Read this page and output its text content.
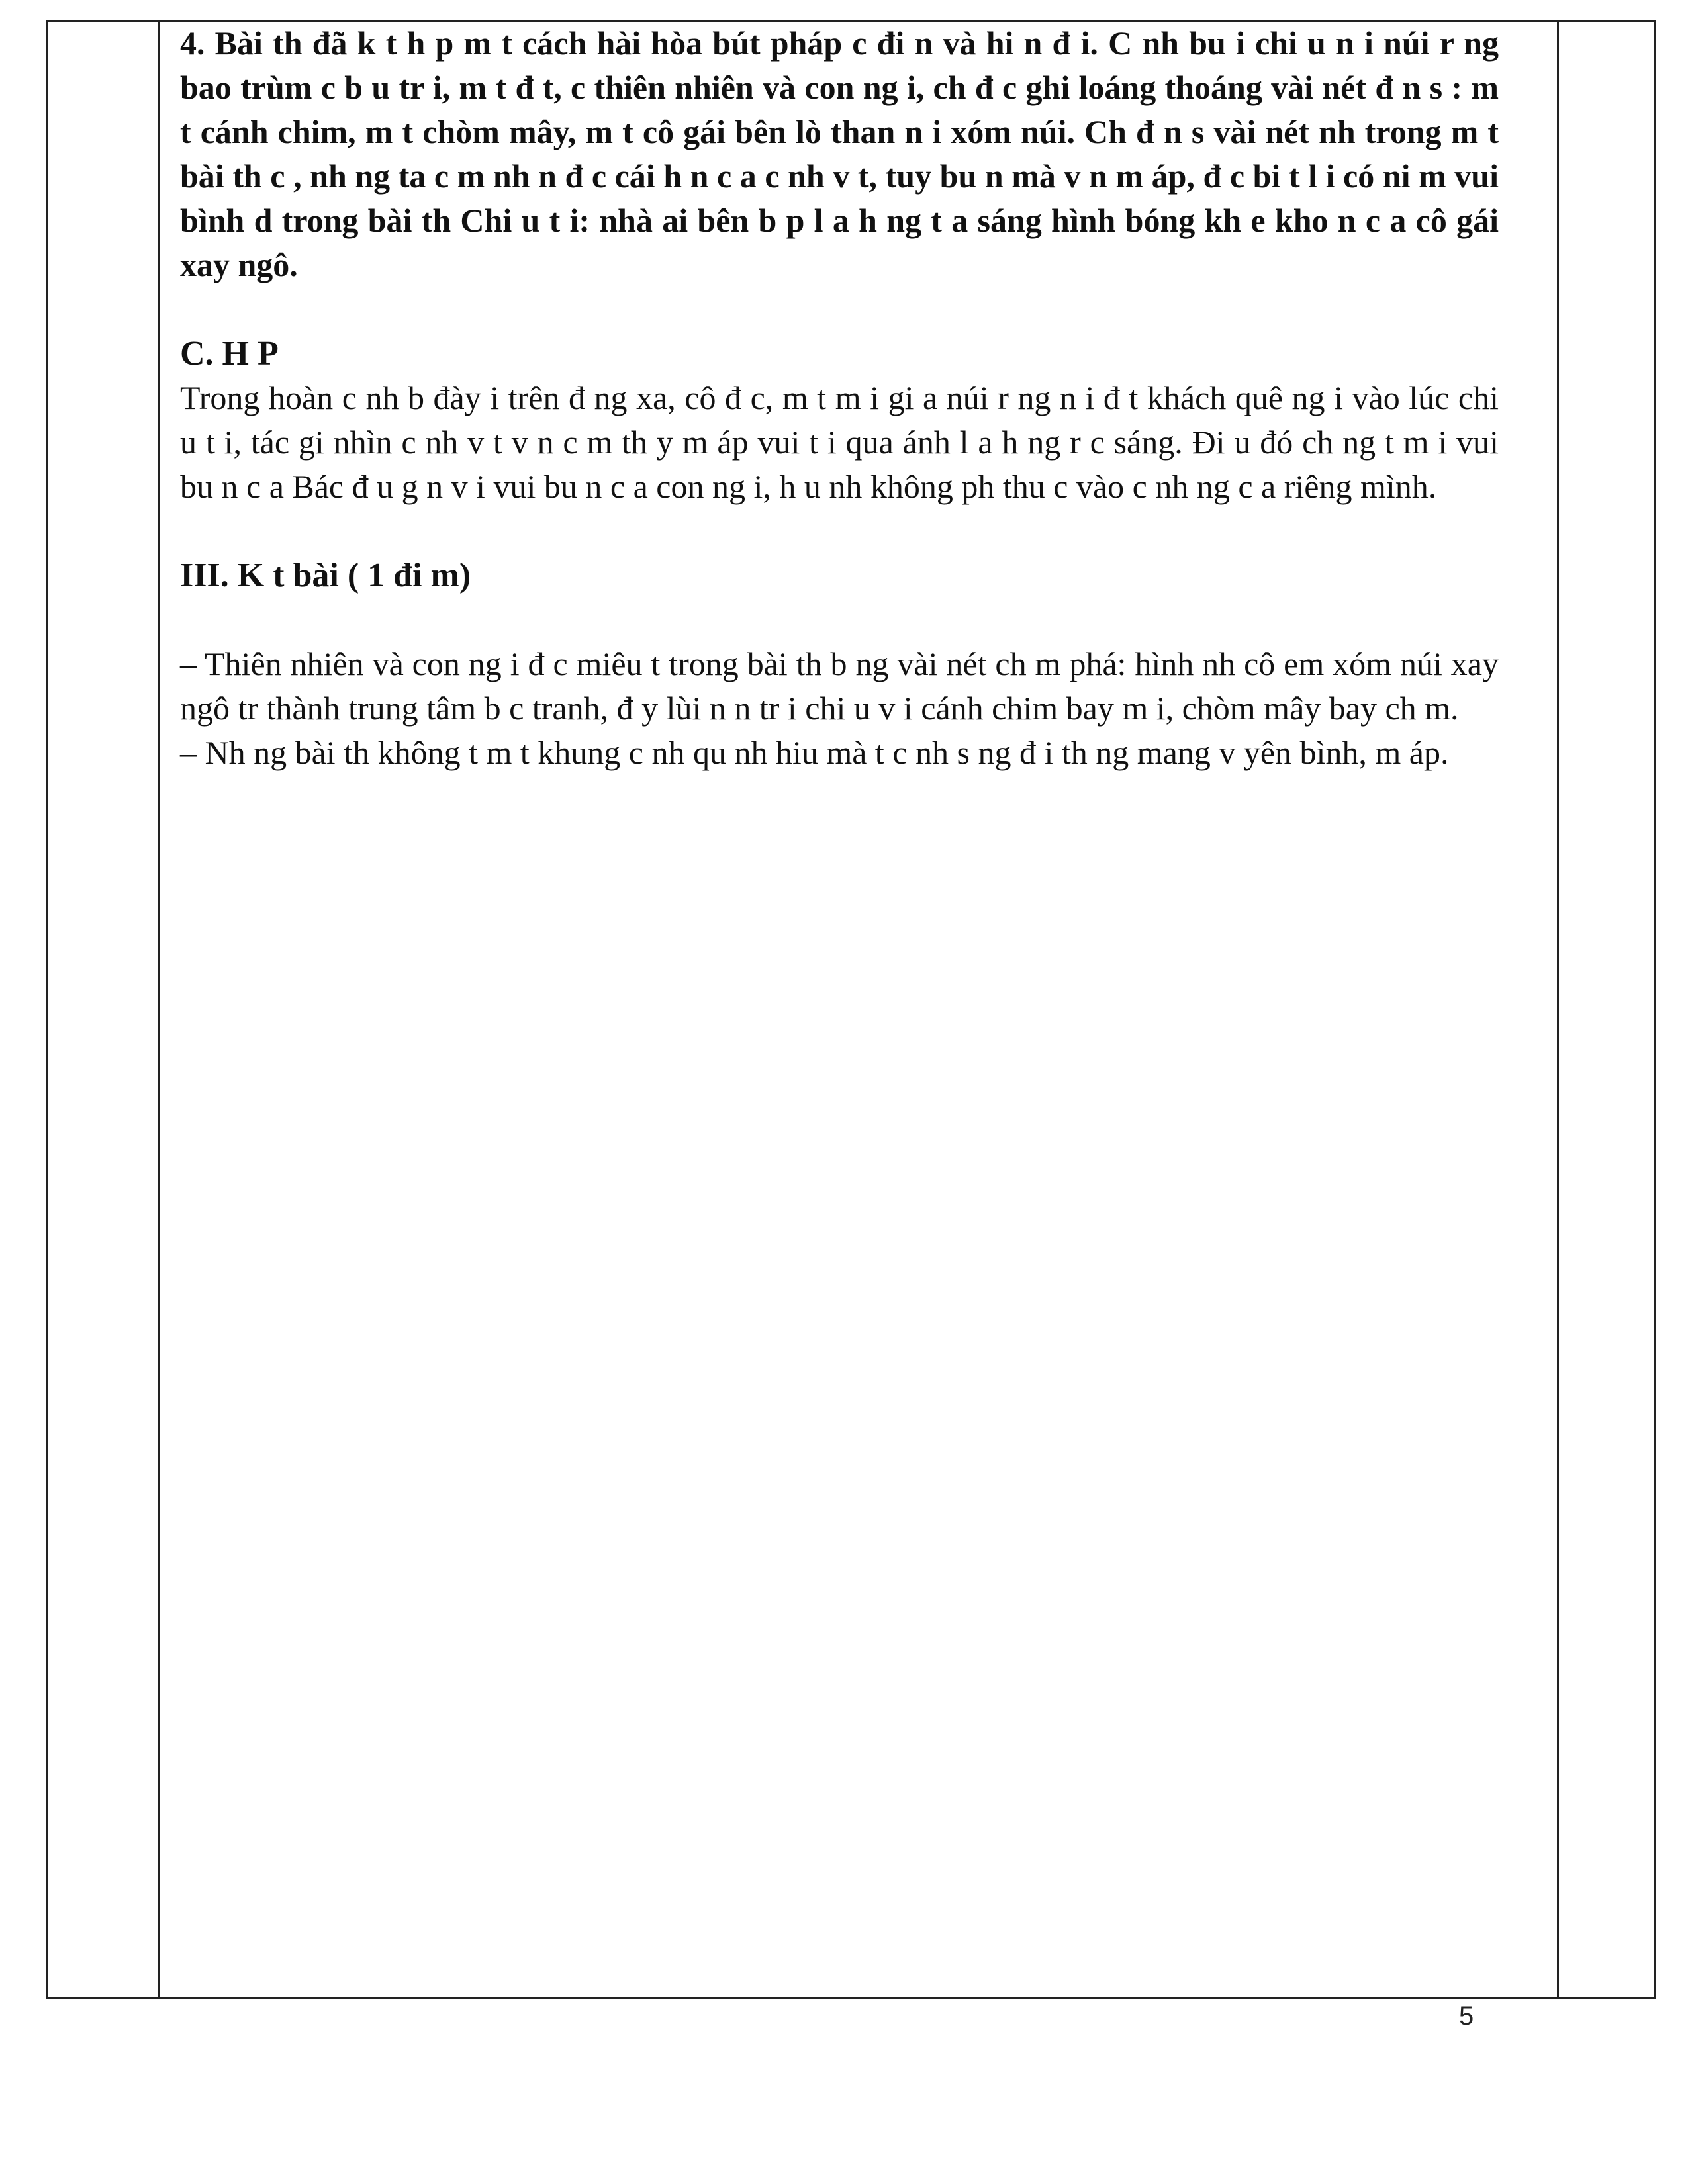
4. Bài th đã k t h p m t cách hài hòa bút pháp c đi n và hi n đ i. C nh bu i chi u n i núi r ng bao trùm c b u tr i, m t đ t, c thiên nhiên và con ng i, ch đ c ghi loáng thoáng vài nét đ n s : m t cánh chim, m t chòm mây, m t cô gái bên lò than n i xóm núi. Ch đ n s vài nét nh trong m t bài th c , nh ng ta c m nh n đ c cái h n c a c nh v t, tuy bu n mà v n m áp, đ c bi t l i có ni m vui bình d trong bài th Chi u t i: nhà ai bên b p l a h ng t a sáng hình bóng kh e kho n c a cô gái xay ngô.

C. H P

Trong hoàn c nh b đày i trên đ ng xa, cô đ c, m t m i gi a núi r ng n i đ t khách quê ng i vào lúc chi u t i, tác gi nhìn c nh v t v n c m th y m áp vui t i qua ánh l a h ng r c sáng. Đi u đó ch ng t m i vui bu n c a Bác đ u g n v i vui bu n c a con ng i, h u nh không ph thu c vào c nh ng c a riêng mình.

III. K t bài ( 1 đi m)

– Thiên nhiên và con ng i đ c miêu t trong bài th b ng vài nét ch m phá: hình nh cô em xóm núi xay ngô tr thành trung tâm b c tranh, đ y lùi n n tr i chi u v i cánh chim bay m i, chòm mây bay ch m.

– Nh ng bài th không t m t khung c nh qu nh hiu mà t c nh s ng đ i th ng mang v yên bình, m áp.

5
